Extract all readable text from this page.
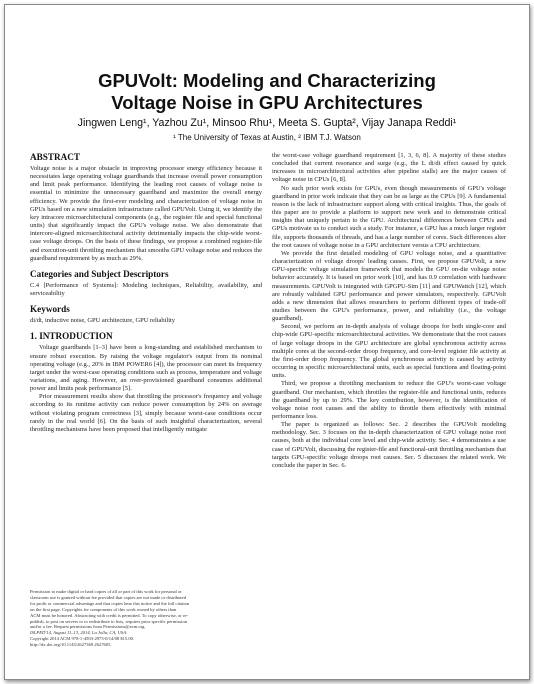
GPUVolt: Modeling and Characterizing
Voltage Noise in GPU Architectures
Jingwen Leng¹, Yazhou Zu¹, Minsoo Rhu¹, Meeta S. Gupta², Vijay Janapa Reddi¹
¹ The University of Texas at Austin, ² IBM T.J. Watson
ABSTRACT

Voltage noise is a major obstacle in improving processor energy efficiency because it necessitates large operating voltage guardbands that increase overall power consumption and limit peak performance. Identifying the leading root causes of voltage noise is essential to minimize the unnecessary guardband and maximize the overall energy efficiency. We provide the first-ever modeling and characterization of voltage noise in GPUs based on a new simulation infrastructure called GPUVolt. Using it, we identify the key intracore microarchitectural components (e.g., the register file and special functional units) that significantly impact the GPU's voltage noise. We also demonstrate that intercore-aligned microarchitectural activity detrimentally impacts the chip-wide worst-case voltage droops. On the basis of these findings, we propose a combined register-file and execution-unit throttling mechanism that smooths GPU voltage noise and reduces the guardband requirement by as much as 29%.

Categories and Subject Descriptors

C.4 [Performance of Systems]: Modeling techniques, Reliability, availability, and serviceability

Keywords

di/dt, inductive noise, GPU architecture, GPU reliability

1. INTRODUCTION

Voltage guardbands [1–3] have been a long-standing and established mechanism to ensure robust execution. By raising the voltage regulator's output from its nominal operating voltage (e.g., 20% in IBM POWER6 [4]), the processor can meet its frequency target under the worst-case operating conditions such as process, temperature and voltage variations, and aging. However, an over-provisioned guardband consumes additional power and limits peak performance [5].

Prior measurement results show that throttling the processor's frequency and voltage according to its runtime activity can reduce power consumption by 24% on average without violating program correctness [3], simply because worst-case conditions occur rarely in the real world [6]. On the basis of such insightful characterization, several throttling mechanisms have been proposed that intelligently mitigate

the worst-case voltage guardband requirement [1, 3, 6, 8]. A majority of these studies concluded that current resonance and surge (e.g., the L di/dt effect caused by quick increases in microarchitectural activities after pipeline stalls) are the major causes of voltage noise in CPUs [6, 8].

No such prior work exists for GPUs, even though measurements of GPU's voltage guardband in prior work indicate that they can be as large as the CPUs [9]. A fundamental reason is the lack of infrastructure support along with critical insights. Thus, the goals of this paper are to provide a platform to support new work and to demonstrate critical insights that uniquely pertain to the GPU. Architectural differences between CPUs and GPUs motivate us to conduct such a study. For instance, a GPU has a much larger register file, supports thousands of threads, and has a large number of cores. Such differences alter the root causes of voltage noise in a GPU architecture versus a CPU architecture.

We provide the first detailed modeling of GPU voltage noise, and a quantitative characterization of voltage droops' leading causes. First, we propose GPUVolt, a new GPU-specific voltage simulation framework that models the GPU on-die voltage noise behavior accurately. It is based on prior work [10], and has 0.9 correlation with hardware measurements. GPUVolt is integrated with GPGPU-Sim [11] and GPUWattch [12], which are robustly validated GPU performance and power simulators, respectively. GPUVolt adds a new dimension that allows researchers to perform different types of trade-off studies between the GPU's performance, power, and reliability (i.e., the voltage guardband).

Second, we perform an in-depth analysis of voltage droops for both single-core and chip-wide GPU-specific microarchitectural activities. We demonstrate that the root causes of large voltage droops in the GPU architecture are global synchronous activity across multiple cores at the second-order droop frequency, and core-level register file activity at the first-order droop frequency. The global synchronous activity is caused by activity occurring in specific microarchitectural units, such as special functions and floating-point units.

Third, we propose a throttling mechanism to reduce the GPU's worst-case voltage guardband. Our mechanism, which throttles the register-file and functional units, reduces the guardband by up to 29%. The key contribution, however, is the identification of voltage noise root causes and the ability to throttle them effectively with minimal performance loss.

The paper is organized as follows: Sec. 2 describes the GPUVolt modeling methodology. Sec. 3 focuses on the in-depth characterization of GPU voltage noise root causes, both at the individual core level and chip-wide activity. Sec. 4 demonstrates a use case of GPUVolt, discussing the register-file and functional-unit throttling mechanism that targets GPU-specific voltage droops root causes. Sec. 5 discusses the related work. We conclude the paper in Sec. 6.

Permission to make digital or hard copies of all or part of this work for personal or
classroom use is granted without fee provided that copies are not made or distributed
for profit or commercial advantage and that copies bear this notice and the full citation
on the first page. Copyrights for components of this work owned by others than
ACM must be honored. Abstracting with credit is permitted. To copy otherwise, or re-
publish, to post on servers or to redistribute to lists, requires prior specific permission
and/or a fee. Request permissions from Permissions@acm.org.
ISLPED'14, August 11–13, 2014, La Jolla, CA, USA.
Copyright 2014 ACM 978-1-4503-2975-0/14/08 $15.00.
http://dx.doi.org/10.1145/2627369.2627605.
